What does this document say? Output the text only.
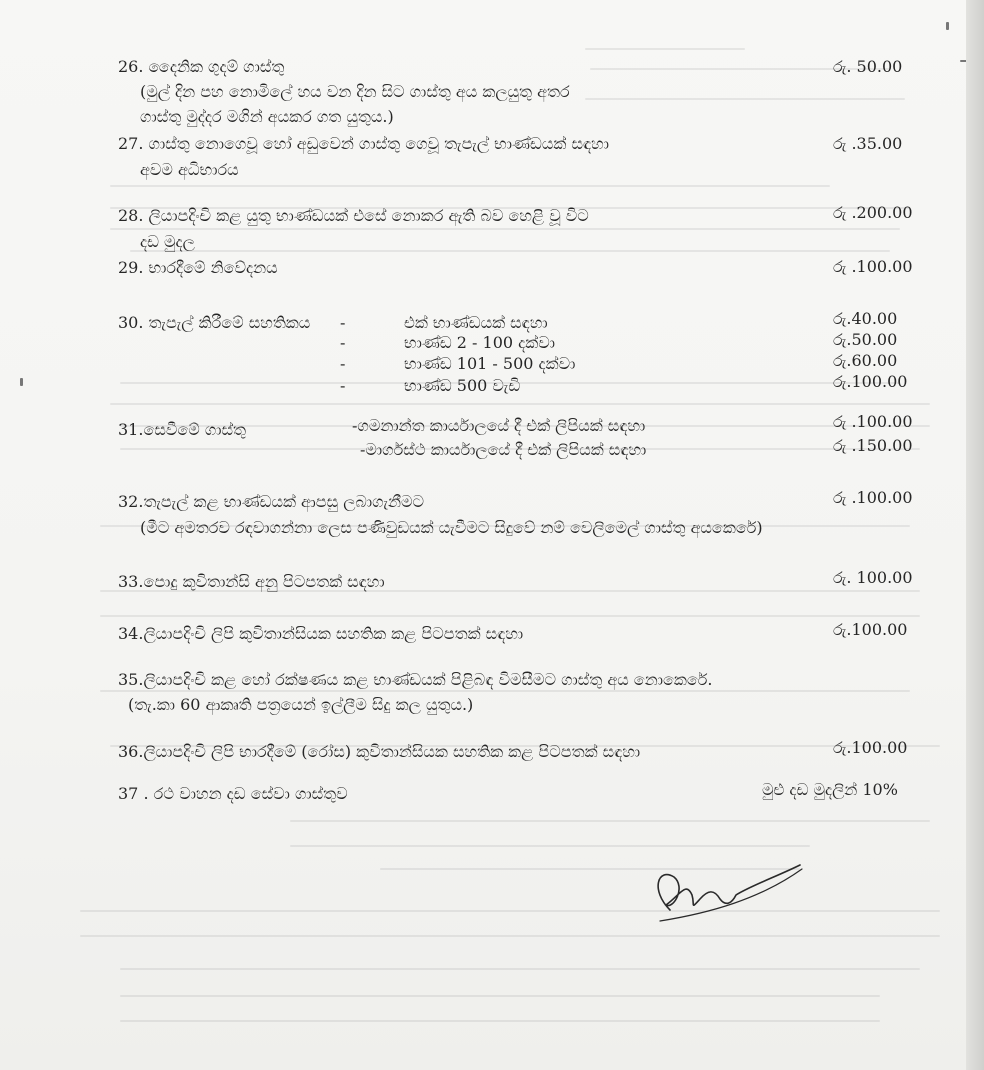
26. දෛනික ගුදම් ගාස්තු	රු. 50.00
(මුල් දින පහ නොමිලේ හය වන දින සිට ගාස්තු අය කලයුතු අතර
ගාස්තු මුද්දර මගින් අයකර ගත යුතුය.)
27. ගාස්තු නොගෙවූ හෝ අඩුවෙන් ගාස්තු ගෙවූ තැපැල් භාණ්ඩයක් සඳහා	රු .35.00
අවම අධිභාරය
28. ලියාපදිංචි කළ යුතු භාණ්ඩයක් එසේ නොකර ඇති බව හෙළි වූ විට	රු .200.00
දඩ මුදල
29. භාරදීමේ නිවේදනය	රු .100.00
30. තැපැල් කිරීමේ සහතිකය -	එක් භාණ්ඩයක් සඳහා	රු.40.00
-	භාණ්ඩ 2 - 100 දක්වා	රු.50.00
-	භාණ්ඩ 101 - 500 දක්වා	රු.60.00
-	භාණ්ඩ 500 වැඩි	රු.100.00
31.සෙවීමේ ගාස්තු	-ගමනාන්ත කාර්යාලයේ දී එක් ලිපියක් සඳහා	රු .100.00
-මාර්ගස්ථ කාර්යාලයේ දී එක් ලිපියක් සඳහා	රු .150.00
32.තැපැල් කළ භාණ්ඩයක් ආපසු ලබාගැනීමට	රු .100.00
(මීට අමතරව රඳවාගන්නා ලෙස පණිවුඩයක් යැවීමට සිදුවේ නම් වෙලිමෙල් ගාස්තු අයකෙරේ)
33.පොදු කුවිතාන්සි අනු පිටපතක් සඳහා	රු. 100.00
34.ලියාපදිංචි ලිපි කුවිතාන්සියක සහතික කළ පිටපතක් සඳහා	රු.100.00
35.ලියාපදිංචි කළ හෝ රක්ෂණය කළ භාණ්ඩයක් පිළිබඳ විමසීමට ගාස්තු අය නොකෙරේ.
(තැ.කා 60 ආකෘති පත්‍රයෙන් ඉල්ලීම සිදු කල යුතුය.)
36.ලියාපදිංචි ලිපි භාරදීමේ (රෝස) කුවිතාන්සියක සහතික කළ පිටපතක් සඳහා	රු.100.00
37 . රථ වාහන දඩ සේවා ගාස්තුව	මුළු දඩ මුදලින් 10%
